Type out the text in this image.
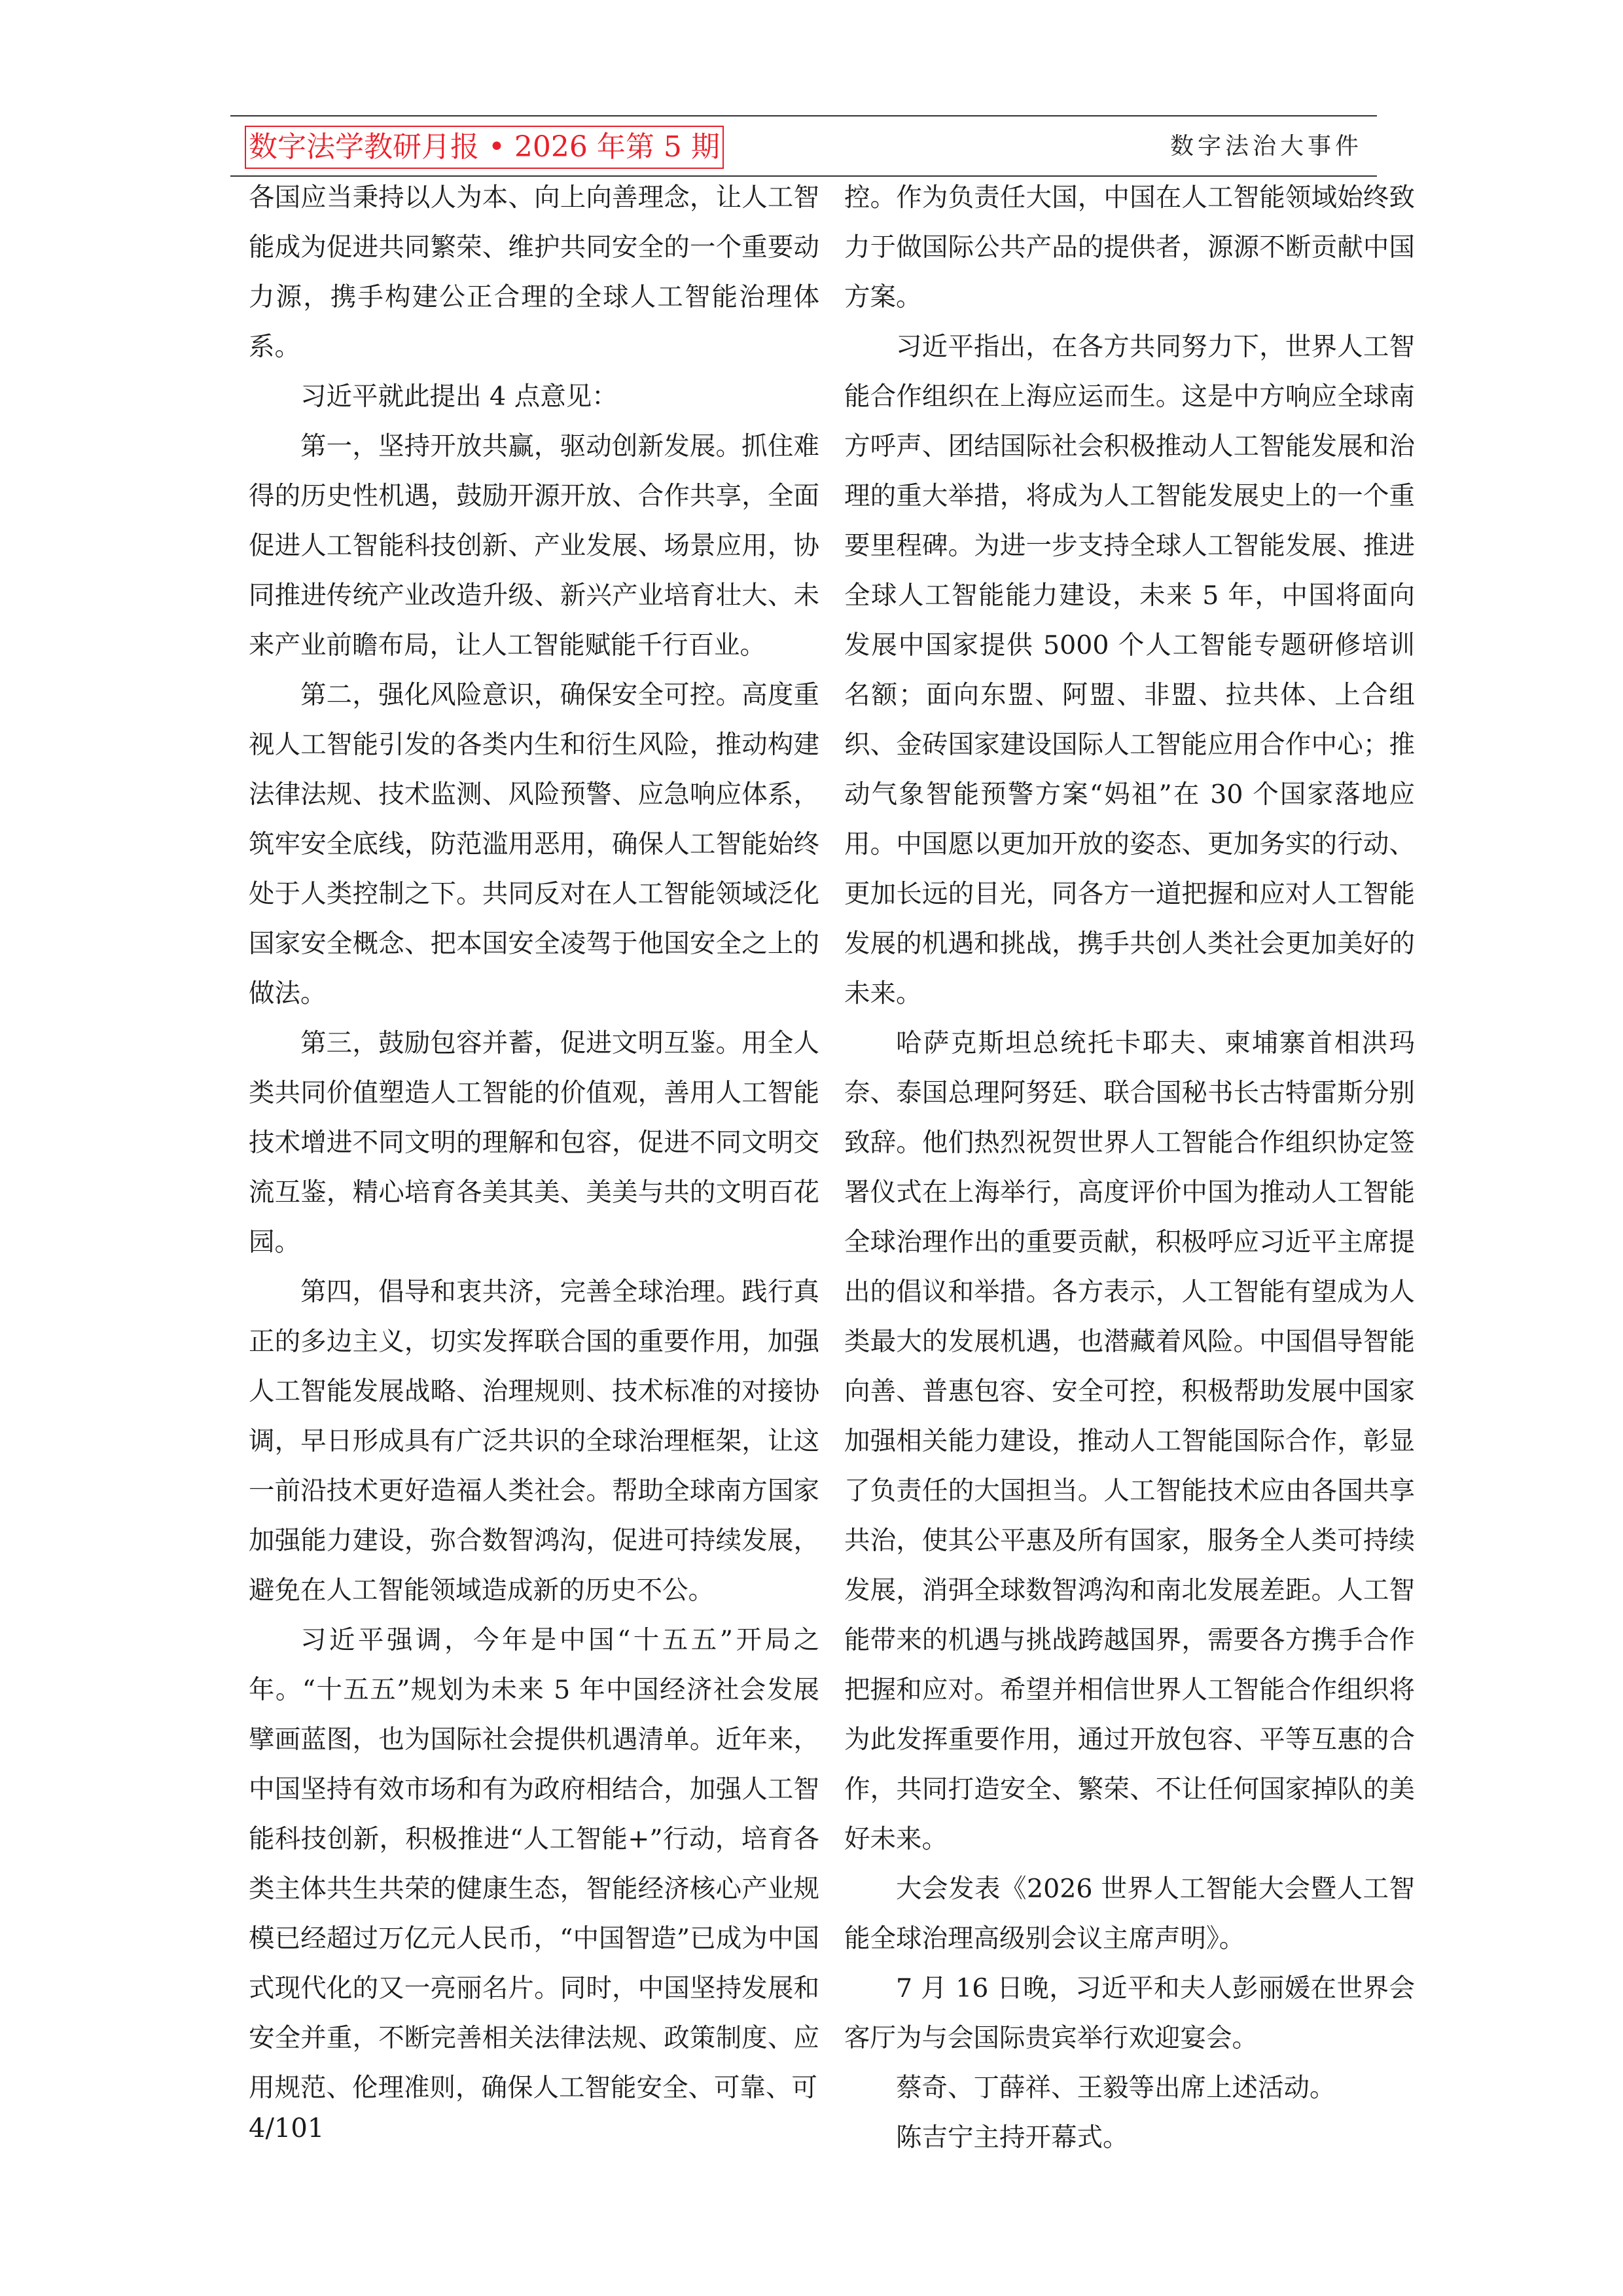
数字法学教研月报 • 2026 年第 5 期	数字法治大事件

各国应当秉持以人为本、向上向善理念，让人工智能成为促进共同繁荣、维护共同安全的一个重要动力源，携手构建公正合理的全球人工智能治理体系。

习近平就此提出 4 点意见：

第一，坚持开放共赢，驱动创新发展。抓住难得的历史性机遇，鼓励开源开放、合作共享，全面促进人工智能科技创新、产业发展、场景应用，协同推进传统产业改造升级、新兴产业培育壮大、未来产业前瞻布局，让人工智能赋能千行百业。

第二，强化风险意识，确保安全可控。高度重视人工智能引发的各类内生和衍生风险，推动构建法律法规、技术监测、风险预警、应急响应体系，筑牢安全底线，防范滥用恶用，确保人工智能始终处于人类控制之下。共同反对在人工智能领域泛化国家安全概念、把本国安全凌驾于他国安全之上的做法。

第三，鼓励包容并蓄，促进文明互鉴。用全人类共同价值塑造人工智能的价值观，善用人工智能技术增进不同文明的理解和包容，促进不同文明交流互鉴，精心培育各美其美、美美与共的文明百花园。

第四，倡导和衷共济，完善全球治理。践行真正的多边主义，切实发挥联合国的重要作用，加强人工智能发展战略、治理规则、技术标准的对接协调，早日形成具有广泛共识的全球治理框架，让这一前沿技术更好造福人类社会。帮助全球南方国家加强能力建设，弥合数智鸿沟，促进可持续发展，避免在人工智能领域造成新的历史不公。

习近平强调，今年是中国“十五五”开局之年。“十五五”规划为未来 5 年中国经济社会发展擘画蓝图，也为国际社会提供机遇清单。近年来，中国坚持有效市场和有为政府相结合，加强人工智能科技创新，积极推进“人工智能+”行动，培育各类主体共生共荣的健康生态，智能经济核心产业规模已经超过万亿元人民币，“中国智造”已成为中国式现代化的又一亮丽名片。同时，中国坚持发展和安全并重，不断完善相关法律法规、政策制度、应用规范、伦理准则，确保人工智能安全、可靠、可

控。作为负责任大国，中国在人工智能领域始终致力于做国际公共产品的提供者，源源不断贡献中国方案。

习近平指出，在各方共同努力下，世界人工智能合作组织在上海应运而生。这是中方响应全球南方呼声、团结国际社会积极推动人工智能发展和治理的重大举措，将成为人工智能发展史上的一个重要里程碑。为进一步支持全球人工智能发展、推进全球人工智能能力建设，未来 5 年，中国将面向发展中国家提供 5000 个人工智能专题研修培训名额；面向东盟、阿盟、非盟、拉共体、上合组织、金砖国家建设国际人工智能应用合作中心；推动气象智能预警方案“妈祖”在 30 个国家落地应用。中国愿以更加开放的姿态、更加务实的行动、更加长远的目光，同各方一道把握和应对人工智能发展的机遇和挑战，携手共创人类社会更加美好的未来。

哈萨克斯坦总统托卡耶夫、柬埔寨首相洪玛奈、泰国总理阿努廷、联合国秘书长古特雷斯分别致辞。他们热烈祝贺世界人工智能合作组织协定签署仪式在上海举行，高度评价中国为推动人工智能全球治理作出的重要贡献，积极呼应习近平主席提出的倡议和举措。各方表示，人工智能有望成为人类最大的发展机遇，也潜藏着风险。中国倡导智能向善、普惠包容、安全可控，积极帮助发展中国家加强相关能力建设，推动人工智能国际合作，彰显了负责任的大国担当。人工智能技术应由各国共享共治，使其公平惠及所有国家，服务全人类可持续发展，消弭全球数智鸿沟和南北发展差距。人工智能带来的机遇与挑战跨越国界，需要各方携手合作把握和应对。希望并相信世界人工智能合作组织将为此发挥重要作用，通过开放包容、平等互惠的合作，共同打造安全、繁荣、不让任何国家掉队的美好未来。

大会发表《2026 世界人工智能大会暨人工智能全球治理高级别会议主席声明》。

7 月 16 日晚，习近平和夫人彭丽媛在世界会客厅为与会国际贵宾举行欢迎宴会。

蔡奇、丁薛祥、王毅等出席上述活动。

陈吉宁主持开幕式。

4/101
